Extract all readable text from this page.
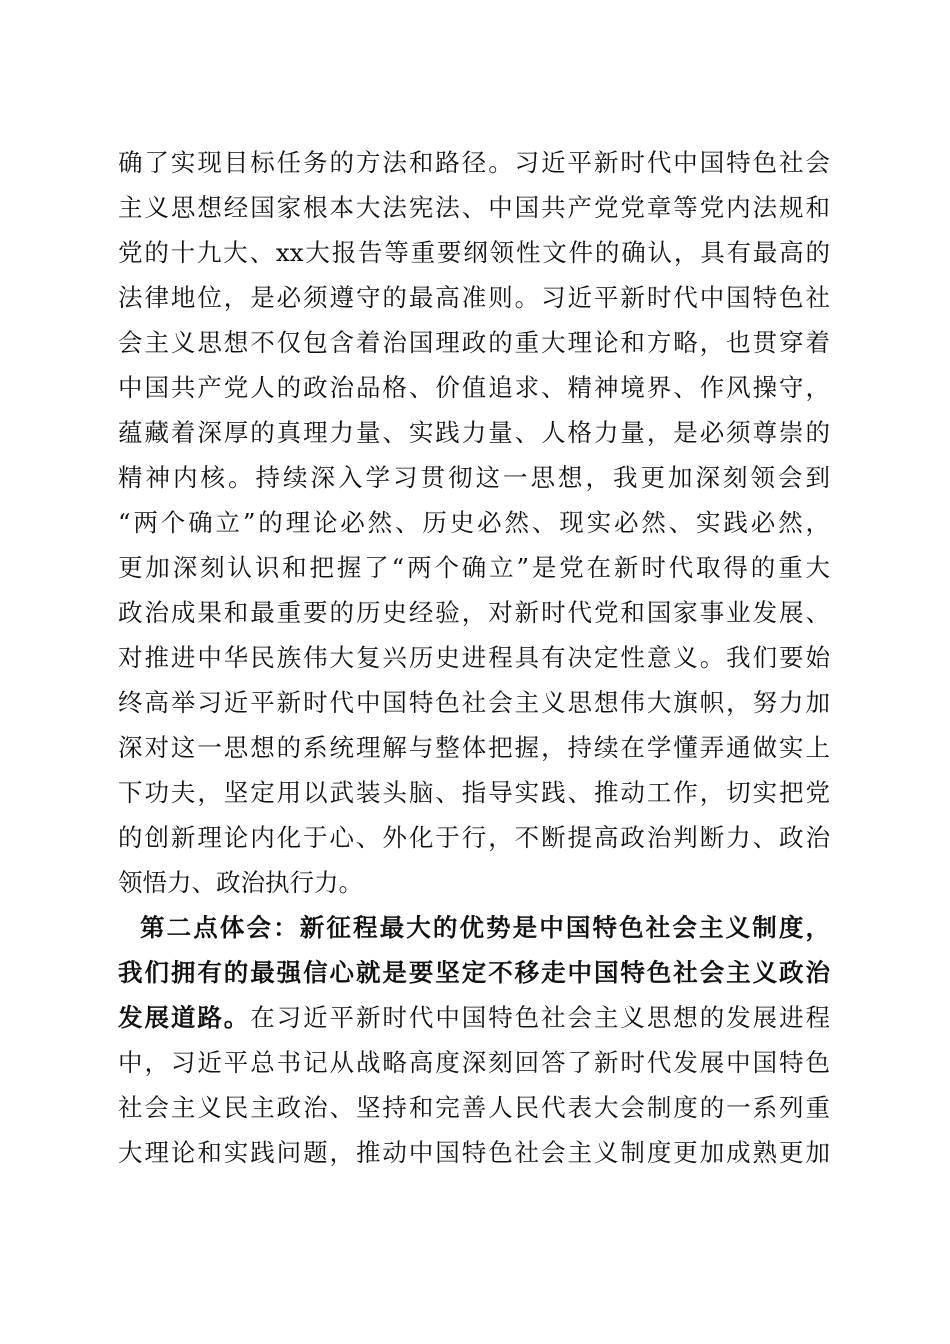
确了实现目标任务的方法和路径。习近平新时代中国特色社会
主义思想经国家根本大法宪法、中国共产党党章等党内法规和
党的十九大、xx大报告等重要纲领性文件的确认，具有最高的
法律地位，是必须遵守的最高准则。习近平新时代中国特色社
会主义思想不仅包含着治国理政的重大理论和方略，也贯穿着
中国共产党人的政治品格、价值追求、精神境界、作风操守，
蕴藏着深厚的真理力量、实践力量、人格力量，是必须尊崇的
精神内核。持续深入学习贯彻这一思想，我更加深刻领会到
“两个确立”的理论必然、历史必然、现实必然、实践必然，
更加深刻认识和把握了“两个确立”是党在新时代取得的重大
政治成果和最重要的历史经验，对新时代党和国家事业发展、
对推进中华民族伟大复兴历史进程具有决定性意义。我们要始
终高举习近平新时代中国特色社会主义思想伟大旗帜，努力加
深对这一思想的系统理解与整体把握，持续在学懂弄通做实上
下功夫，坚定用以武装头脑、指导实践、推动工作，切实把党
的创新理论内化于心、外化于行，不断提高政治判断力、政治
领悟力、政治执行力。
第二点体会：新征程最大的优势是中国特色社会主义制度，
我们拥有的最强信心就是要坚定不移走中国特色社会主义政治
发展道路。在习近平新时代中国特色社会主义思想的发展进程
中，习近平总书记从战略高度深刻回答了新时代发展中国特色
社会主义民主政治、坚持和完善人民代表大会制度的一系列重
大理论和实践问题，推动中国特色社会主义制度更加成熟更加
